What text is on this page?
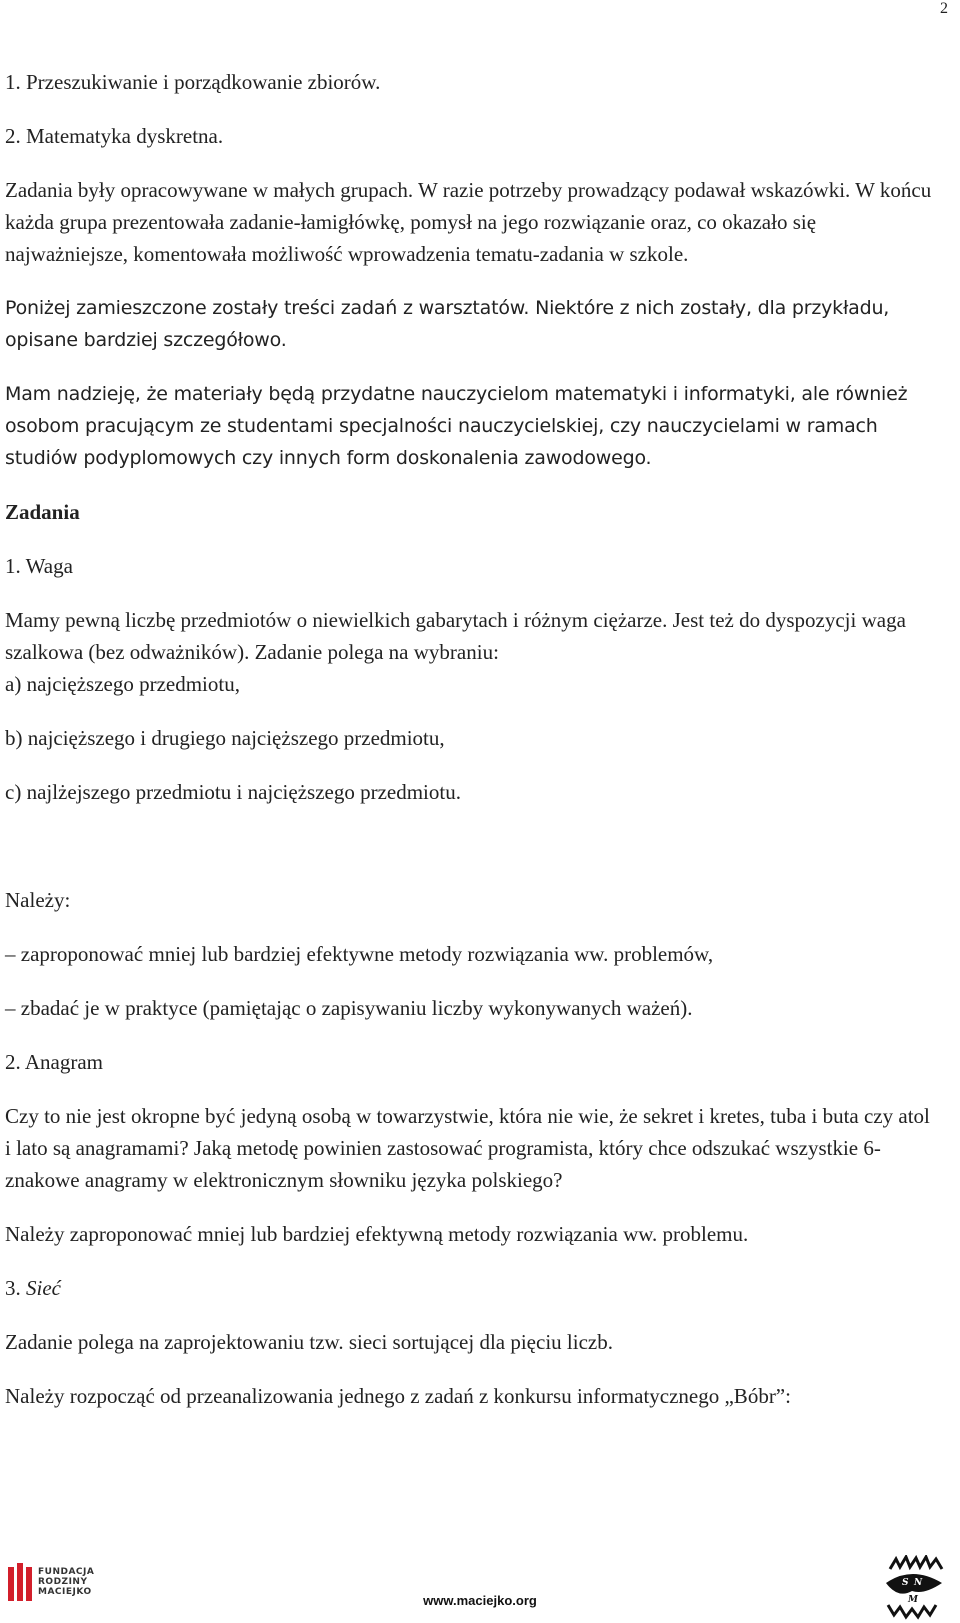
2

1. Przeszukiwanie i porządkowanie zbiorów.

2. Matematyka dyskretna.

Zadania były opracowywane w małych grupach. W razie potrzeby prowadzący podawał wskazówki. W końcu każda grupa prezentowała zadanie-łamigłówkę, pomysł na jego rozwiązanie oraz, co okazało się najważniejsze, komentowała możliwość wprowadzenia tematu-zadania w szkole.

Poniżej zamieszczone zostały treści zadań z warsztatów. Niektóre z nich zostały, dla przykładu, opisane bardziej szczegółowo.

Mam nadzieję, że materiały będą przydatne nauczycielom matematyki i informatyki, ale również osobom pracującym ze studentami specjalności nauczycielskiej, czy nauczycielami w ramach studiów podyplomowych czy innych form doskonalenia zawodowego.

Zadania

1. Waga

Mamy pewną liczbę przedmiotów o niewielkich gabarytach i różnym ciężarze. Jest też do dyspozycji waga szalkowa (bez odważników). Zadanie polega na wybraniu:

a) najcięższego przedmiotu,

b) najcięższego i drugiego najcięższego przedmiotu,

c) najlżejszego przedmiotu i najcięższego przedmiotu.

Należy:

– zaproponować mniej lub bardziej efektywne metody rozwiązania ww. problemów,

– zbadać je w praktyce (pamiętając o zapisywaniu liczby wykonywanych ważeń).

2. Anagram

Czy to nie jest okropne być jedyną osobą w towarzystwie, która nie wie, że sekret i kretes, tuba i buta czy atol i lato są anagramami? Jaką metodę powinien zastosować programista, który chce odszukać wszystkie 6-znakowe anagramy w elektronicznym słowniku języka polskiego?

Należy zaproponować mniej lub bardziej efektywną metody rozwiązania ww. problemu.

3. Sieć

Zadanie polega na zaprojektowaniu tzw. sieci sortującej dla pięciu liczb.

Należy rozpocząć od przeanalizowania jednego z zadań z konkursu informatycznego „Bóbr”:

FUNDACJA
RODZINY
MACIEJKO
www.maciejko.org
S N
M
